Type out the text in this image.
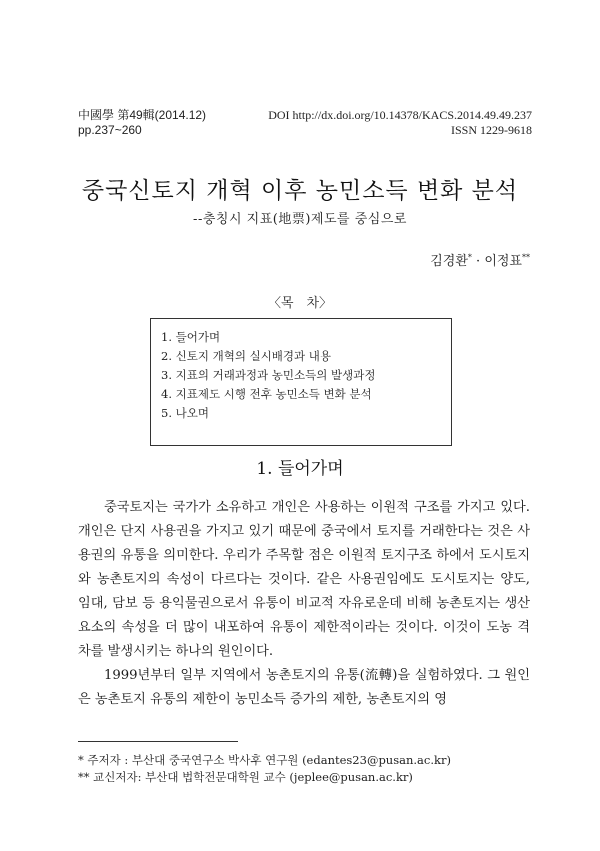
中國學 第49輯(2014.12)
pp.237~260
DOI http://dx.doi.org/10.14378/KACS.2014.49.49.237
ISSN 1229-9618
중국신토지 개혁 이후 농민소득 변화 분석
--충칭시 지표(地票)제도를 중심으로
김경환* · 이정표**
〈목　차〉
1. 들어가며
2. 신토지 개혁의 실시배경과 내용
3. 지표의 거래과정과 농민소득의 발생과정
4. 지표제도 시행 전후 농민소득 변화 분석
5. 나오며
1. 들어가며

중국토지는 국가가 소유하고 개인은 사용하는 이원적 구조를 가지고 있다. 개인은 단지 사용권을 가지고 있기 때문에 중국에서 토지를 거래한다는 것은 사용권의 유통을 의미한다. 우리가 주목할 점은 이원적 토지구조 하에서 도시토지와 농촌토지의 속성이 다르다는 것이다. 같은 사용권임에도 도시토지는 양도, 임대, 담보 등 용익물권으로서 유통이 비교적 자유로운데 비해 농촌토지는 생산요소의 속성을 더 많이 내포하여 유통이 제한적이라는 것이다. 이것이 도농 격차를 발생시키는 하나의 원인이다.

1999년부터 일부 지역에서 농촌토지의 유통(流轉)을 실험하였다. 그 원인은 농촌토지 유통의 제한이 농민소득 증가의 제한, 농촌토지의 영

* 주저자 : 부산대 중국연구소 박사후 연구원 (edantes23@pusan.ac.kr)
** 교신저자: 부산대 법학전문대학원 교수 (jeplee@pusan.ac.kr)
